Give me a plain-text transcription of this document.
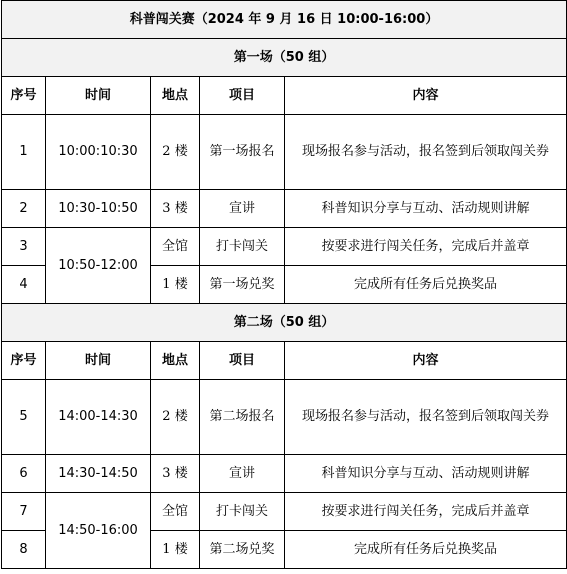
科普闯关赛（2024 年 9 月 16 日 10:00-16:00）				
第一场（50 组）				
序号	时间	地点	项目	内容
1	10:00:10:30	2 楼	第一场报名	现场报名参与活动，报名签到后领取闯关券
2	10:30-10:50	3 楼	宣讲	科普知识分享与互动、活动规则讲解
3	10:50-12:00	全馆	打卡闯关	按要求进行闯关任务，完成后并盖章
4		1 楼	第一场兑奖	完成所有任务后兑换奖品
第二场（50 组）				
序号	时间	地点	项目	内容
5	14:00-14:30	2 楼	第二场报名	现场报名参与活动，报名签到后领取闯关券
6	14:30-14:50	3 楼	宣讲	科普知识分享与互动、活动规则讲解
7	14:50-16:00	全馆	打卡闯关	按要求进行闯关任务，完成后并盖章
8		1 楼	第二场兑奖	完成所有任务后兑换奖品
